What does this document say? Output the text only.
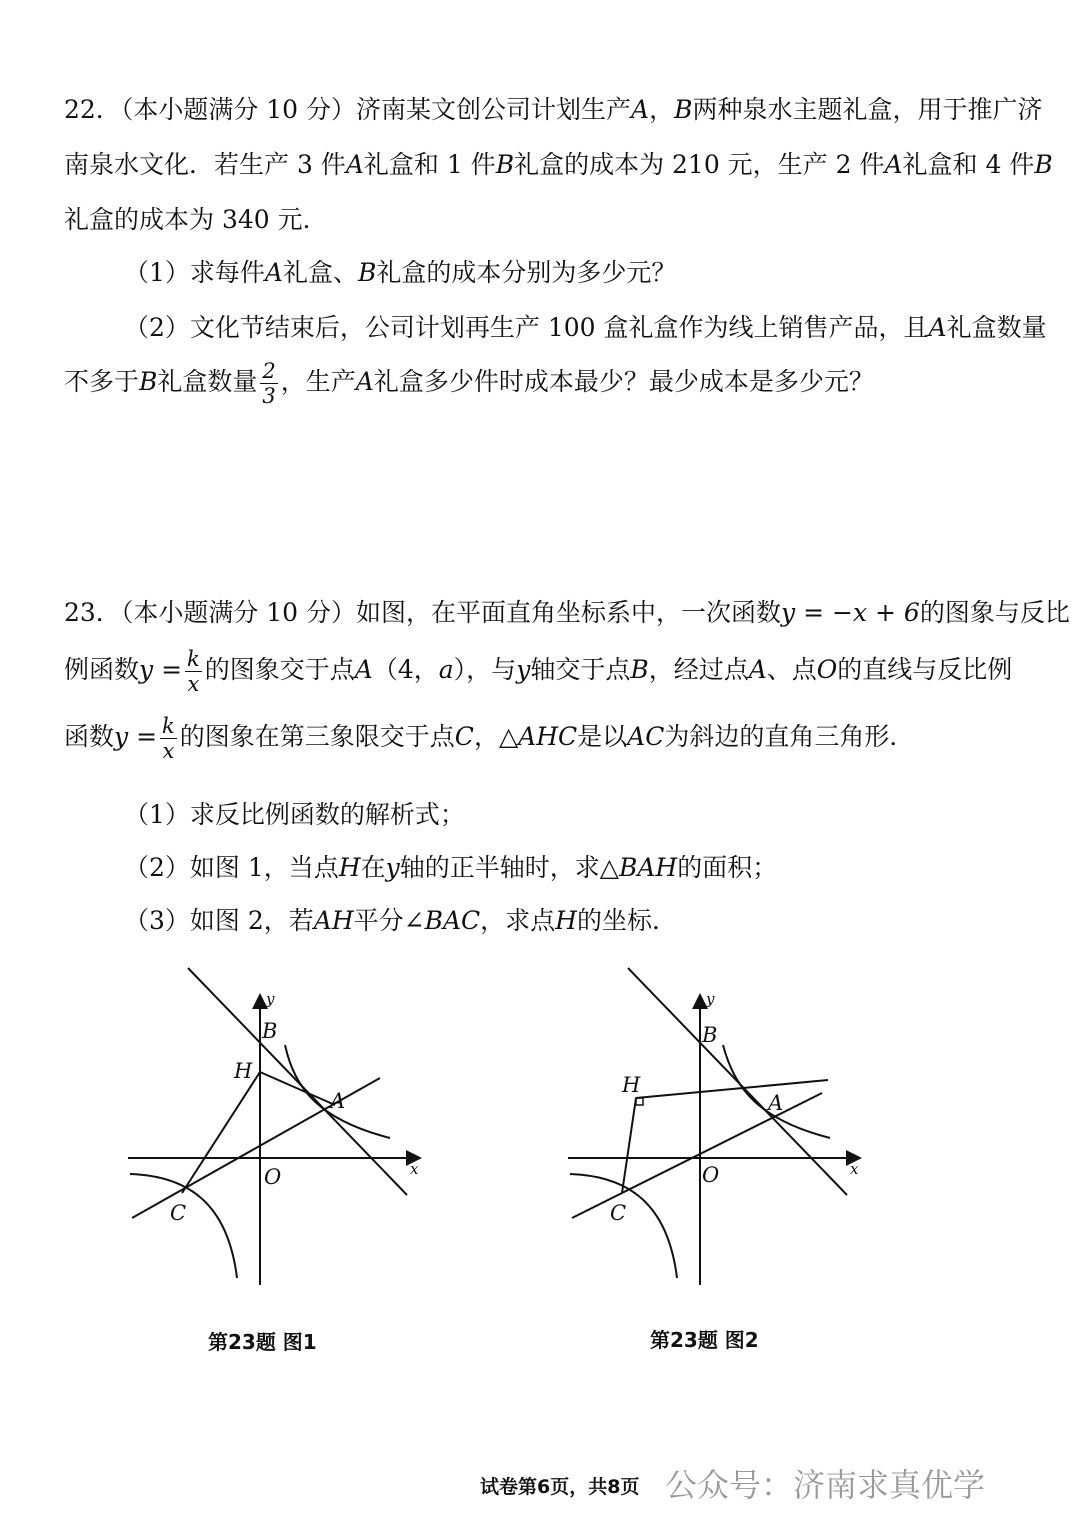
22．（本小题满分 10 分）济南某文创公司计划生产A，B两种泉水主题礼盒，用于推广济
南泉水文化．若生产 3 件A礼盒和 1 件B礼盒的成本为 210 元，生产 2 件A礼盒和 4 件B
礼盒的成本为 340 元．
（1）求每件A礼盒、B礼盒的成本分别为多少元？
（2）文化节结束后，公司计划再生产 100 盒礼盒作为线上销售产品，且A礼盒数量
不多于B礼盒数量 $\frac{2}{3}$ ，生产A礼盒多少件时成本最少？最少成本是多少元？
23．（本小题满分 10 分）如图，在平面直角坐标系中，一次函数y = −x + 6的图象与反比
例函数$y = \frac{k}{x}$ 的图象交于点A（4，a），与y轴交于点B，经过点A、点O的直线与反比例
函数$y = \frac{k}{x}$ 的图象在第三象限交于点C，△AHC是以AC为斜边的直角三角形．
（1）求反比例函数的解析式；
（2）如图 1，当点H在y轴的正半轴时，求△BAH的面积；
（3）如图 2，若AH平分∠BAC，求点H的坐标．
y
x
B
H
A
O
C
第23题 图1
y
x
B
H
A
O
C
第23题 图2
试卷第6页，共8页 公众号：济南求真优学
